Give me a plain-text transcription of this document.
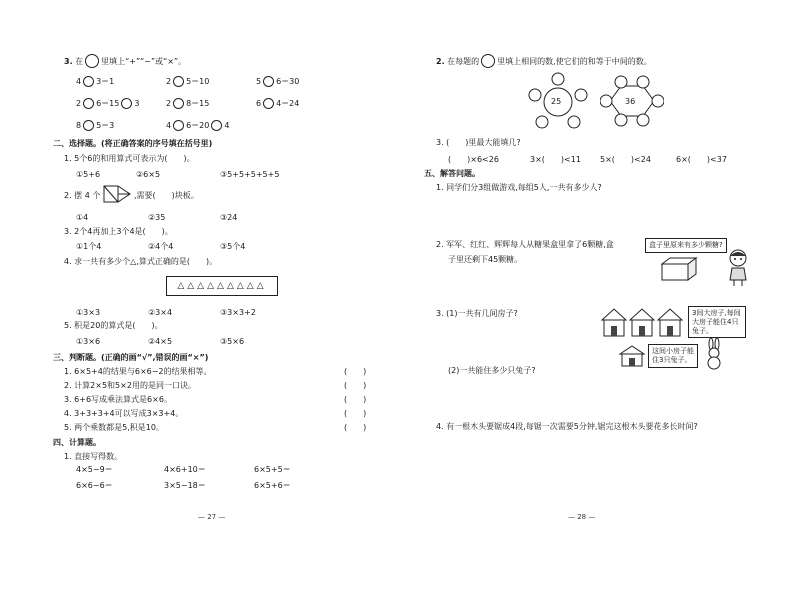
3. 在 里填上“+”“−”或“×”。
4 3＝1	2 5＝10	5 6＝30
2 6＝15 3	2 8＝15	6 4＝24
8 5＝3	4 6＝20 4
二、选择题。(将正确答案的序号填在括号里)
1. 5个6的和用算式可表示为(　　)。
①5+6	②6×5	③5+5+5+5+5
2. 摆 4 个	,需要(　　)块板。
①4	②35	③24
3. 2个4再加上3个4是(　　)。
①1个4	②4个4	③5个4
4. 求一共有多少个△,算式正确的是(　　)。
△△△△△△△△△
①3×3	②3×4	③3×3+2
5. 积是20的算式是(　　)。
①3×6	②4×5	③5×6
三、判断题。(正确的画“√”,错误的画“×”)
1. 6×5+4的结果与6×6−2的结果相等。	(　　)
2. 计算2×5和5×2用的是同一口诀。	(　　)
3. 6+6写成乘法算式是6×6。	(　　)
4. 3+3+3+4可以写成3×3+4。	(　　)
5. 两个乘数都是5,积是10。	(　　)
四、计算题。
1. 直接写得数。
4×5−9＝	4×6+10＝	6×5+5＝
6×6−6＝	3×5−18＝	6×5+6＝
— 27 —
2. 在每题的 里填上相同的数,使它们的和等于中间的数。
25	36
3. (　　)里最大能填几?
(　　)×6<26	3×(　　)<11 5×(　　)<24	6×(　　)<37
五、解答问题。
1. 同学们分3组做游戏,每组5人,一共有多少人?
2. 军军、红红、辉辉每人从糖果盒里拿了6颗糖,盒
子里还剩下45颗糖。
盒子里原来有多少颗糖?
3. (1)一共有几间房子?
(2)一共能住多少只兔子?
3间大房子,每间大房子能住4只兔子。
这间小房子能住3只兔子。
4. 有一根木头要锯成4段,每锯一次需要5分钟,锯完这根木头要花多长时间?
— 28 —
